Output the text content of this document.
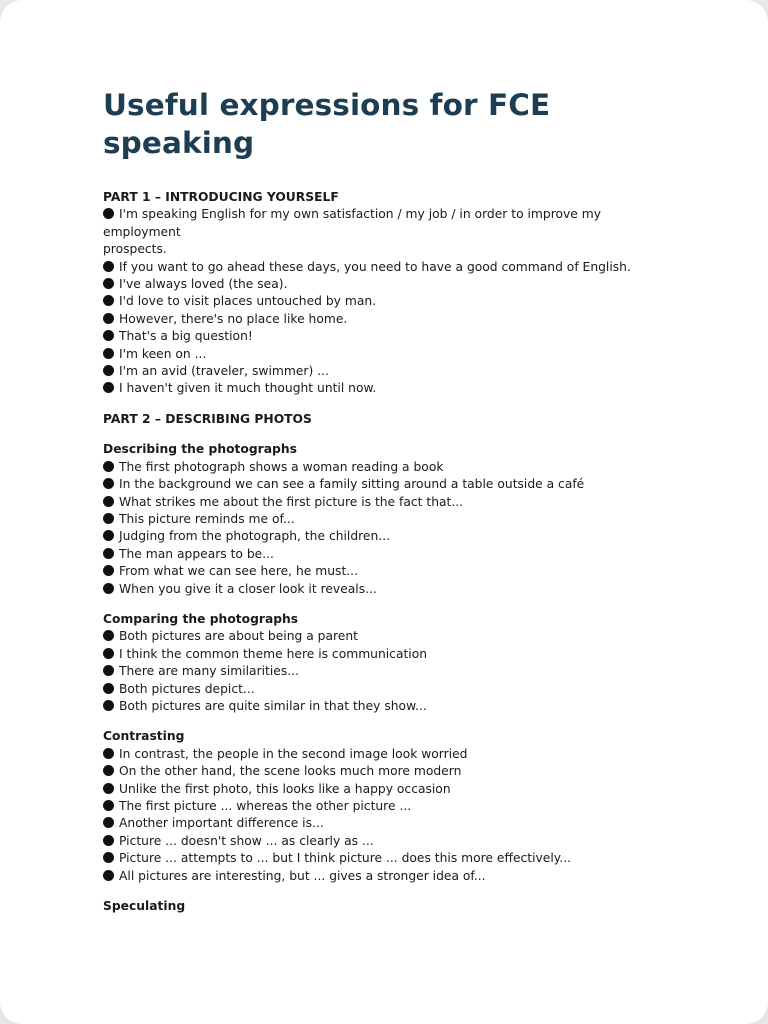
Useful expressions for FCE speaking
PART 1 – INTRODUCING YOURSELF
I'm speaking English for my own satisfaction / my job / in order to improve my employment
prospects.
If you want to go ahead these days, you need to have a good command of English.
I've always loved (the sea).
I'd love to visit places untouched by man.
However, there's no place like home.
That's a big question!
I'm keen on ...
I'm an avid (traveler, swimmer) ...
I haven't given it much thought until now.
PART 2 – DESCRIBING PHOTOS
Describing the photographs
The first photograph shows a woman reading a book
In the background we can see a family sitting around a table outside a café
What strikes me about the first picture is the fact that...
This picture reminds me of...
Judging from the photograph, the children...
The man appears to be...
From what we can see here, he must...
When you give it a closer look it reveals...
Comparing the photographs
Both pictures are about being a parent
I think the common theme here is communication
There are many similarities...
Both pictures depict...
Both pictures are quite similar in that they show...
Contrasting
In contrast, the people in the second image look worried
On the other hand, the scene looks much more modern
Unlike the first photo, this looks like a happy occasion
The first picture ... whereas the other picture ...
Another important difference is...
Picture ... doesn't show ... as clearly as ...
Picture ... attempts to ... but I think picture ... does this more effectively...
All pictures are interesting, but ... gives a stronger idea of...
Speculating
